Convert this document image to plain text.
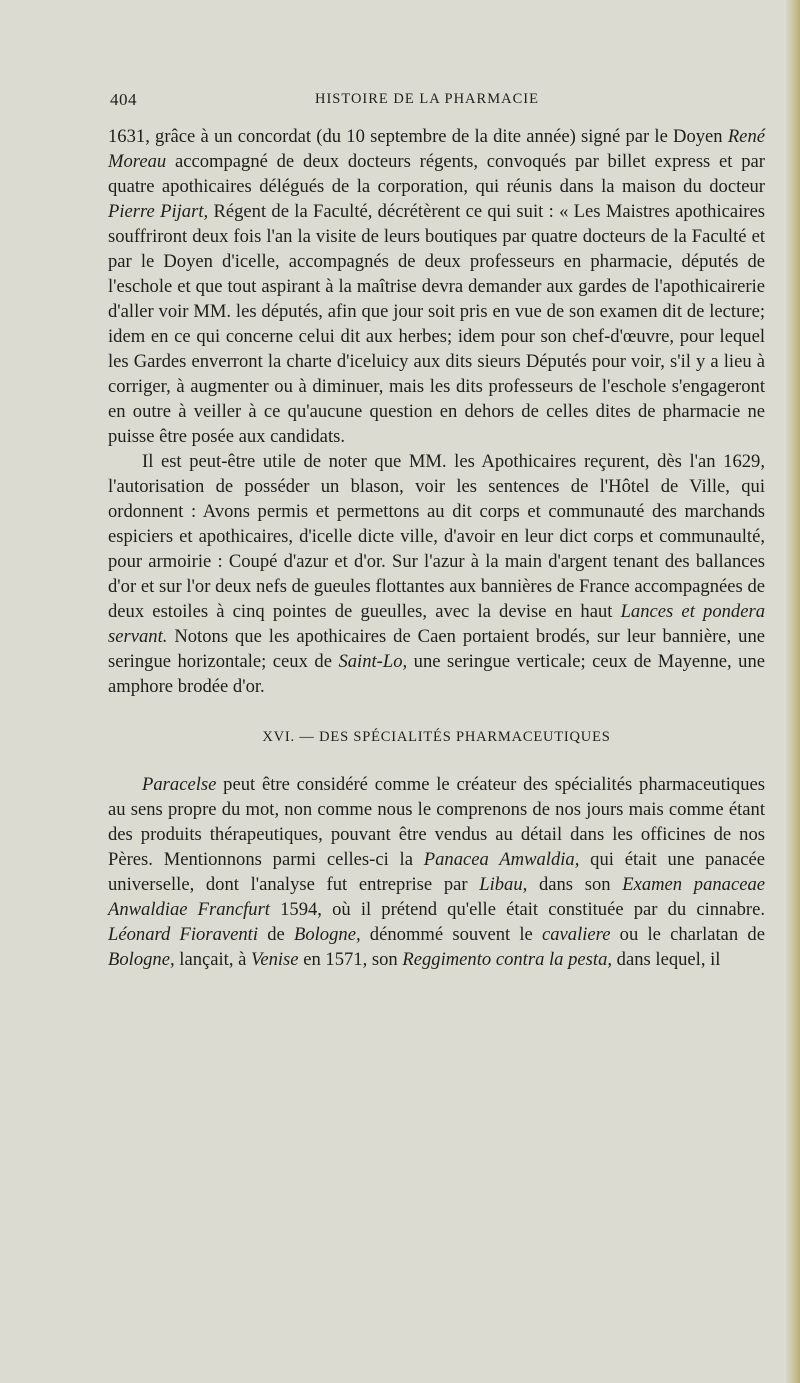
404	HISTOIRE DE LA PHARMACIE

1631, grâce à un concordat (du 10 septembre de la dite année) signé par le Doyen René Moreau accompagné de deux docteurs régents, convoqués par billet express et par quatre apothicaires délégués de la corporation, qui réunis dans la maison du docteur Pierre Pijart, Régent de la Faculté, décrétèrent ce qui suit : « Les Maistres apothicaires souffriront deux fois l'an la visite de leurs boutiques par quatre docteurs de la Faculté et par le Doyen d'icelle, accompagnés de deux professeurs en pharmacie, députés de l'eschole et que tout aspirant à la maîtrise devra demander aux gardes de l'apothicairerie d'aller voir MM. les députés, afin que jour soit pris en vue de son examen dit de lecture; idem en ce qui concerne celui dit aux herbes; idem pour son chef-d'œuvre, pour lequel les Gardes enverront la charte d'iceluicy aux dits sieurs Députés pour voir, s'il y a lieu à corriger, à augmenter ou à diminuer, mais les dits professeurs de l'eschole s'engageront en outre à veiller à ce qu'aucune question en dehors de celles dites de pharmacie ne puisse être posée aux candidats.

Il est peut-être utile de noter que MM. les Apothicaires reçurent, dès l'an 1629, l'autorisation de posséder un blason, voir les sentences de l'Hôtel de Ville, qui ordonnent : Avons permis et permettons au dit corps et communauté des marchands espiciers et apothicaires, d'icelle dicte ville, d'avoir en leur dict corps et communaulté, pour armoirie : Coupé d'azur et d'or. Sur l'azur à la main d'argent tenant des ballances d'or et sur l'or deux nefs de gueules flottantes aux bannières de France accompagnées de deux estoiles à cinq pointes de gueulles, avec la devise en haut Lances et pondera servant. Notons que les apothicaires de Caen portaient brodés, sur leur bannière, une seringue horizontale; ceux de Saint-Lo, une seringue verticale; ceux de Mayenne, une amphore brodée d'or.

XVI. — DES SPÉCIALITÉS PHARMACEUTIQUES

Paracelse peut être considéré comme le créateur des spécialités pharmaceutiques au sens propre du mot, non comme nous le comprenons de nos jours mais comme étant des produits thérapeutiques, pouvant être vendus au détail dans les officines de nos Pères. Mentionnons parmi celles-ci la Panacea Amwaldia, qui était une panacée universelle, dont l'analyse fut entreprise par Libau, dans son Examen panaceae Anwaldiae Francfurt 1594, où il prétend qu'elle était constituée par du cinnabre. Léonard Fioraventi de Bologne, dénommé souvent le cavaliere ou le charlatan de Bologne, lançait, à Venise en 1571, son Reggimento contra la pesta, dans lequel, il
